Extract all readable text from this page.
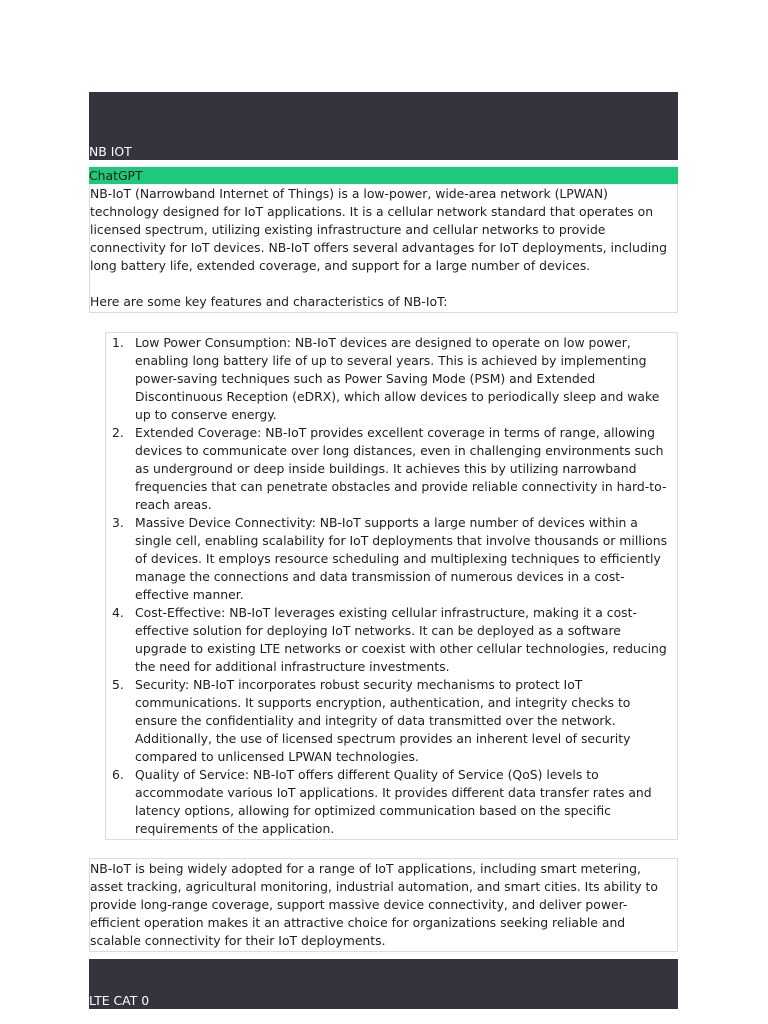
NB IOT
ChatGPT

NB-IoT (Narrowband Internet of Things) is a low-power, wide-area network (LPWAN) technology designed for IoT applications. It is a cellular network standard that operates on licensed spectrum, utilizing existing infrastructure and cellular networks to provide connectivity for IoT devices. NB-IoT offers several advantages for IoT deployments, including long battery life, extended coverage, and support for a large number of devices.

Here are some key features and characteristics of NB-IoT:

1. Low Power Consumption: NB-IoT devices are designed to operate on low power, enabling long battery life of up to several years. This is achieved by implementing power-saving techniques such as Power Saving Mode (PSM) and Extended Discontinuous Reception (eDRX), which allow devices to periodically sleep and wake up to conserve energy.
2. Extended Coverage: NB-IoT provides excellent coverage in terms of range, allowing devices to communicate over long distances, even in challenging environments such as underground or deep inside buildings. It achieves this by utilizing narrowband frequencies that can penetrate obstacles and provide reliable connectivity in hard-to-reach areas.
3. Massive Device Connectivity: NB-IoT supports a large number of devices within a single cell, enabling scalability for IoT deployments that involve thousands or millions of devices. It employs resource scheduling and multiplexing techniques to efficiently manage the connections and data transmission of numerous devices in a cost-effective manner.
4. Cost-Effective: NB-IoT leverages existing cellular infrastructure, making it a cost-effective solution for deploying IoT networks. It can be deployed as a software upgrade to existing LTE networks or coexist with other cellular technologies, reducing the need for additional infrastructure investments.
5. Security: NB-IoT incorporates robust security mechanisms to protect IoT communications. It supports encryption, authentication, and integrity checks to ensure the confidentiality and integrity of data transmitted over the network. Additionally, the use of licensed spectrum provides an inherent level of security compared to unlicensed LPWAN technologies.
6. Quality of Service: NB-IoT offers different Quality of Service (QoS) levels to accommodate various IoT applications. It provides different data transfer rates and latency options, allowing for optimized communication based on the specific requirements of the application.

NB-IoT is being widely adopted for a range of IoT applications, including smart metering, asset tracking, agricultural monitoring, industrial automation, and smart cities. Its ability to provide long-range coverage, support massive device connectivity, and deliver power-efficient operation makes it an attractive choice for organizations seeking reliable and scalable connectivity for their IoT deployments.

LTE CAT 0
